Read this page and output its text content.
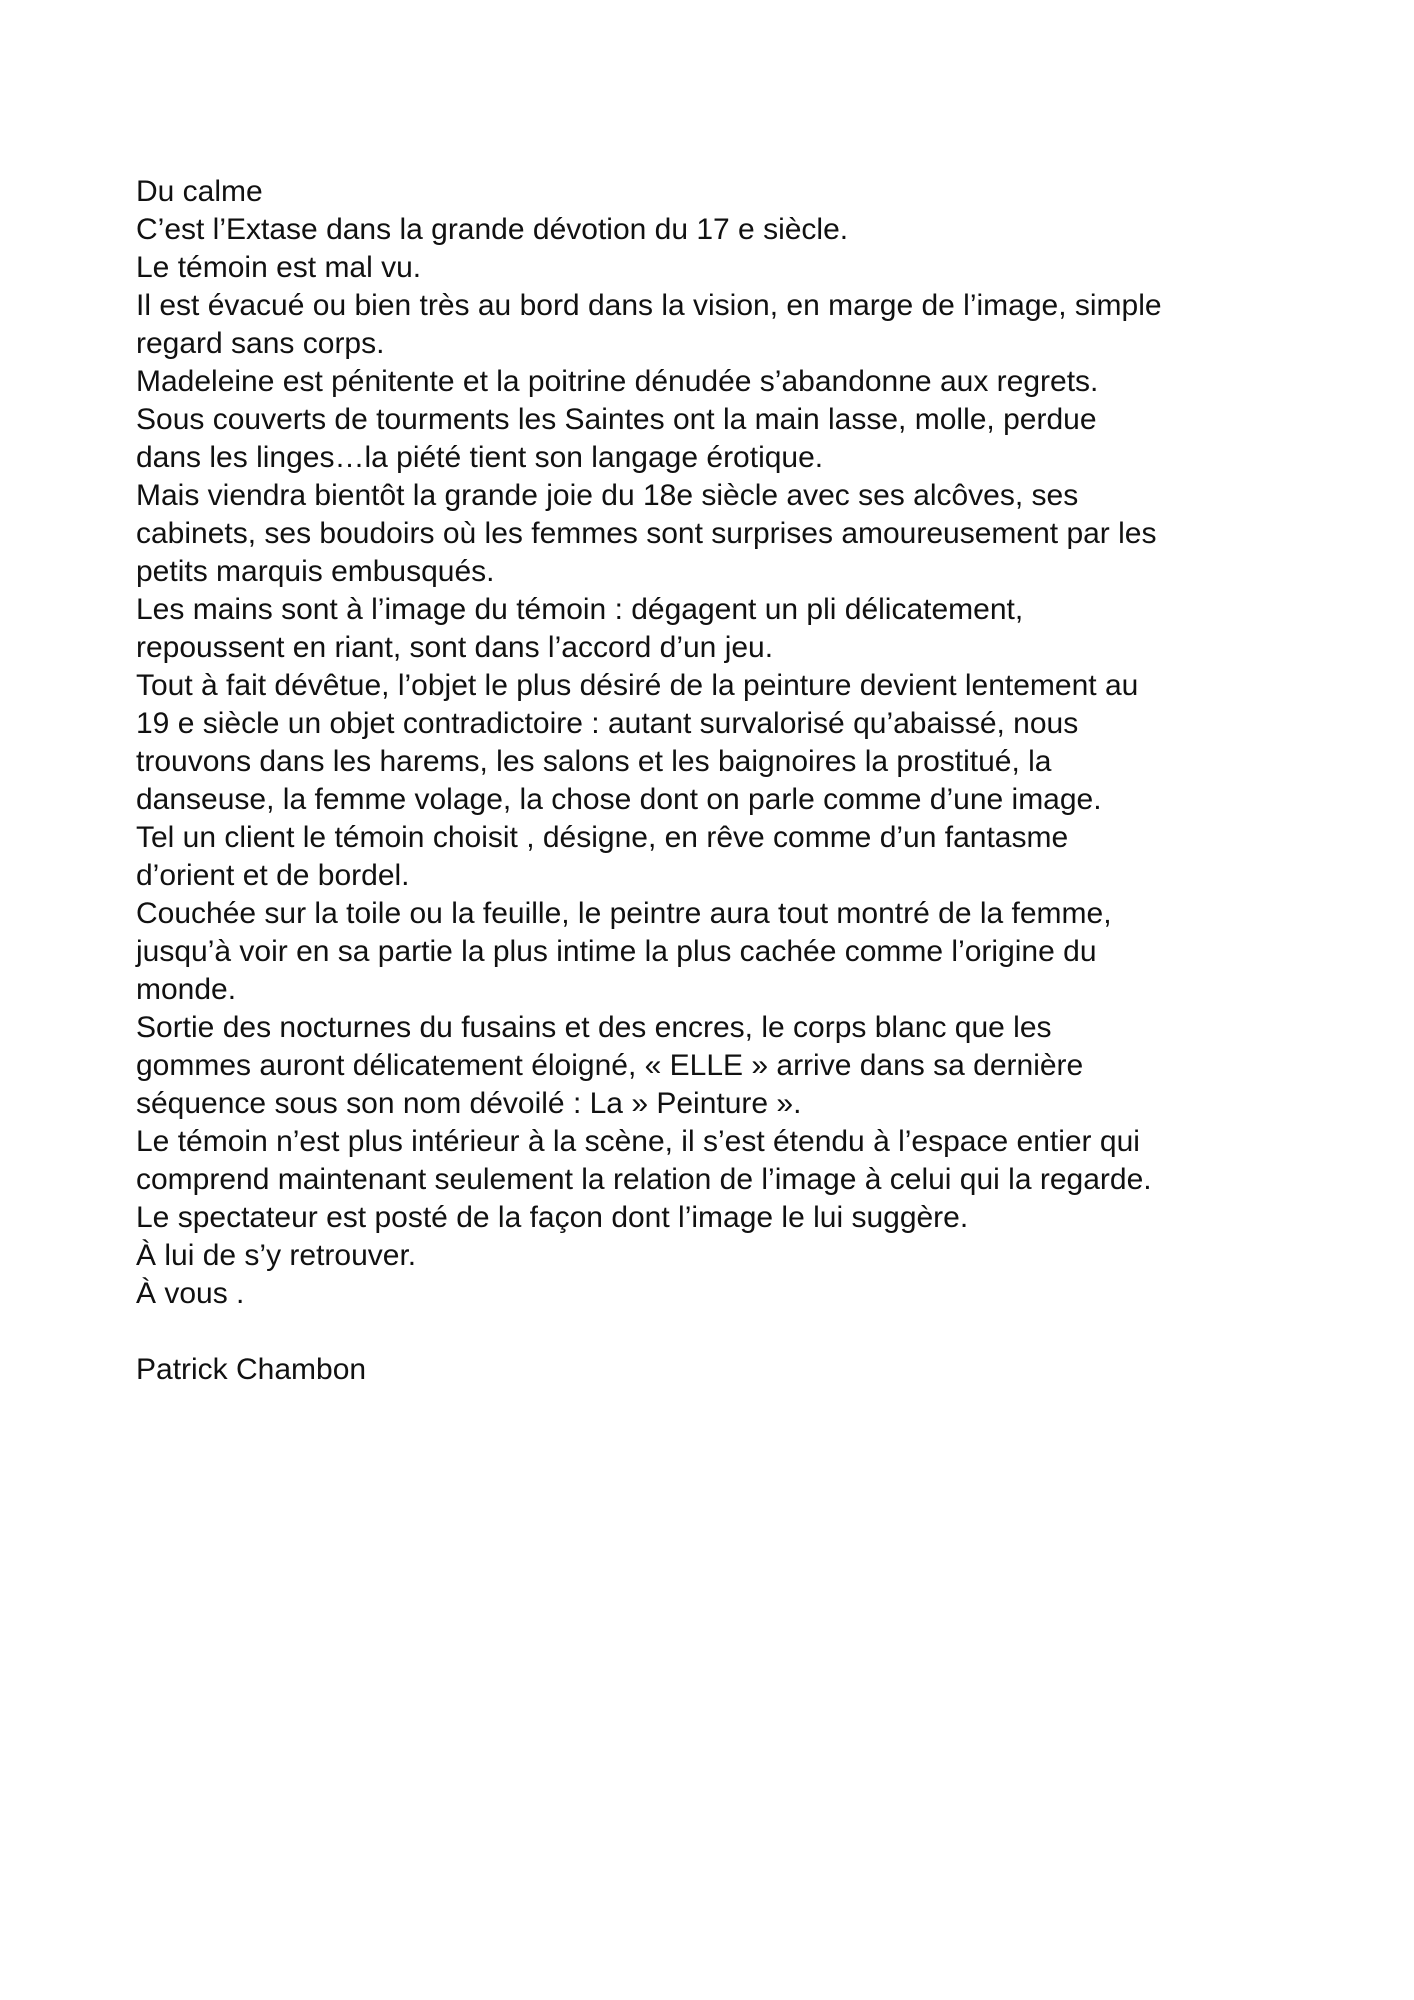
Du calme
C’est l’Extase dans la grande dévotion du 17 e siècle.
Le témoin est mal vu.
Il est évacué ou bien très au bord dans la vision, en marge de l’image, simple
regard sans corps.
Madeleine est pénitente et la poitrine dénudée s’abandonne aux regrets.
Sous couverts de tourments les Saintes ont la main lasse, molle, perdue
dans les linges…la piété tient son langage érotique.
Mais viendra bientôt la grande joie du 18e siècle avec ses alcôves, ses
cabinets, ses boudoirs où les femmes sont surprises amoureusement par les
petits marquis embusqués.
Les mains sont à l’image du témoin : dégagent un pli délicatement,
repoussent en riant, sont dans l’accord d’un jeu.
Tout à fait dévêtue, l’objet le plus désiré de la peinture devient lentement au
19 e siècle un objet contradictoire : autant survalorisé qu’abaissé, nous
trouvons dans les harems, les salons et les baignoires la prostitué, la
danseuse, la femme volage, la chose dont on parle comme d’une image.
Tel un client le témoin choisit , désigne, en rêve comme d’un fantasme
d’orient et de bordel.
Couchée sur la toile ou la feuille, le peintre aura tout montré de la femme,
jusqu’à voir en sa partie la plus intime la plus cachée comme l’origine du
monde.
Sortie des nocturnes du fusains et des encres, le corps blanc que les
gommes auront délicatement éloigné, « ELLE » arrive dans sa dernière
séquence sous son nom dévoilé : La » Peinture ».
Le témoin n’est plus intérieur à la scène, il s’est étendu à l’espace entier qui
comprend maintenant seulement la relation de l’image à celui qui la regarde.
Le spectateur est posté de la façon dont l’image le lui suggère.
À lui de s’y retrouver.
À vous .
Patrick Chambon
